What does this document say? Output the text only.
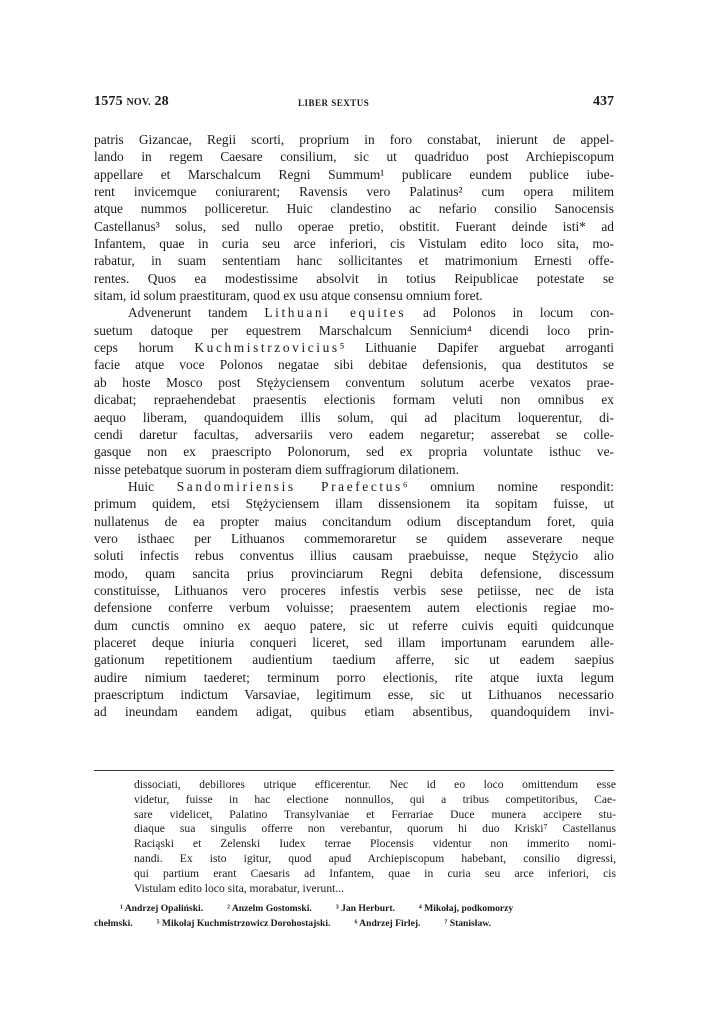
1575 NOV. 28	LIBER SEXTUS	437
patris Gizancae, Regii scorti, proprium in foro constabat, inierunt de appel-
lando in regem Caesare consilium, sic ut quadriduo post Archiepiscopum
appellare et Marschalcum Regni Summum¹ publicare eundem publice iube-
rent invicemque coniurarent; Ravensis vero Palatinus² cum opera militem
atque nummos polliceretur. Huic clandestino ac nefario consilio Sanocensis
Castellanus³ solus, sed nullo operae pretio, obstitit. Fuerant deinde isti* ad
Infantem, quae in curia seu arce inferiori, cis Vistulam edito loco sita, mo-
rabatur, in suam sententiam hanc sollicitantes et matrimonium Ernesti offe-
rentes. Quos ea modestissime absolvit in totius Reipublicae potestate se
sitam, id solum praestituram, quod ex usu atque consensu omnium foret.
Advenerunt tandem Lithuani equites ad Polonos in locum con-
suetum datoque per equestrem Marschalcum Sennicium⁴ dicendi loco prin-
ceps horum Kuchmistrzovicius⁵ Lithuanie Dapifer arguebat arroganti
facie atque voce Polonos negatae sibi debitae defensionis, qua destitutos se
ab hoste Mosco post Stężyciensem conventum solutum acerbe vexatos prae-
dicabat; repraehendebat praesentis electionis formam veluti non omnibus ex
aequo liberam, quandoquidem illis solum, qui ad placitum loquerentur, di-
cendi daretur facultas, adversariis vero eadem negaretur; asserebat se colle-
gasque non ex praescripto Polonorum, sed ex propria voluntate isthuc ve-
nisse petebatque suorum in posteram diem suffragiorum dilationem.
Huic Sandomiriensis Praefectus⁶ omnium nomine respondit:
primum quidem, etsi Stężyciensem illam dissensionem ita sopitam fuisse, ut
nullatenus de ea propter maius concitandum odium disceptandum foret, quia
vero isthaec per Lithuanos commemoraretur se quidem asseverare neque
soluti infectis rebus conventus illius causam praebuisse, neque Stężycio alio
modo, quam sancita prius provinciarum Regni debita defensione, discessum
constituisse, Lithuanos vero proceres infestis verbis sese petiisse, nec de ista
defensione conferre verbum voluisse; praesentem autem electionis regiae mo-
dum cunctis omnino ex aequo patere, sic ut referre cuivis equiti quidcunque
placeret deque iniuria conqueri liceret, sed illam importunam earundem alle-
gationum repetitionem audientium taedium afferre, sic ut eadem saepius
audire nimium taederet; terminum porro electionis, rite atque iuxta legum
praescriptum indictum Varsaviae, legitimum esse, sic ut Lithuanos necessario
ad ineundam eandem adigat, quibus etiam absentibus, quandoquidem invi-
dissociati, debiliores utrique efficerentur. Nec id eo loco omittendum esse
videtur, fuisse in hac electione nonnullos, qui a tribus competitoribus, Cae-
sare videlicet, Palatino Transylvaniae et Ferrariae Duce munera accipere stu-
diaque sua singulis offerre non verebantur, quorum hi duo Kriski⁷ Castellanus
Raciąski et Zelenski Iudex terrae Plocensis videntur non immerito nomi-
nandi. Ex isto igitur, quod apud Archiepiscopum habebant, consilio digressi,
qui partium erant Caesaris ad Infantem, quae in curia seu arce inferiori, cis
Vistulam edito loco sita, morabatur, iverunt...
¹ Andrzej Opaliński.	² Anzelm Gostomski.	³ Jan Herburt.	⁴ Mikołaj, podkomorzy
chełmski.	⁵ Mikołaj Kuchmistrzowicz Dorohostajski.	⁶ Andrzej Firlej.	⁷ Stanisław.
